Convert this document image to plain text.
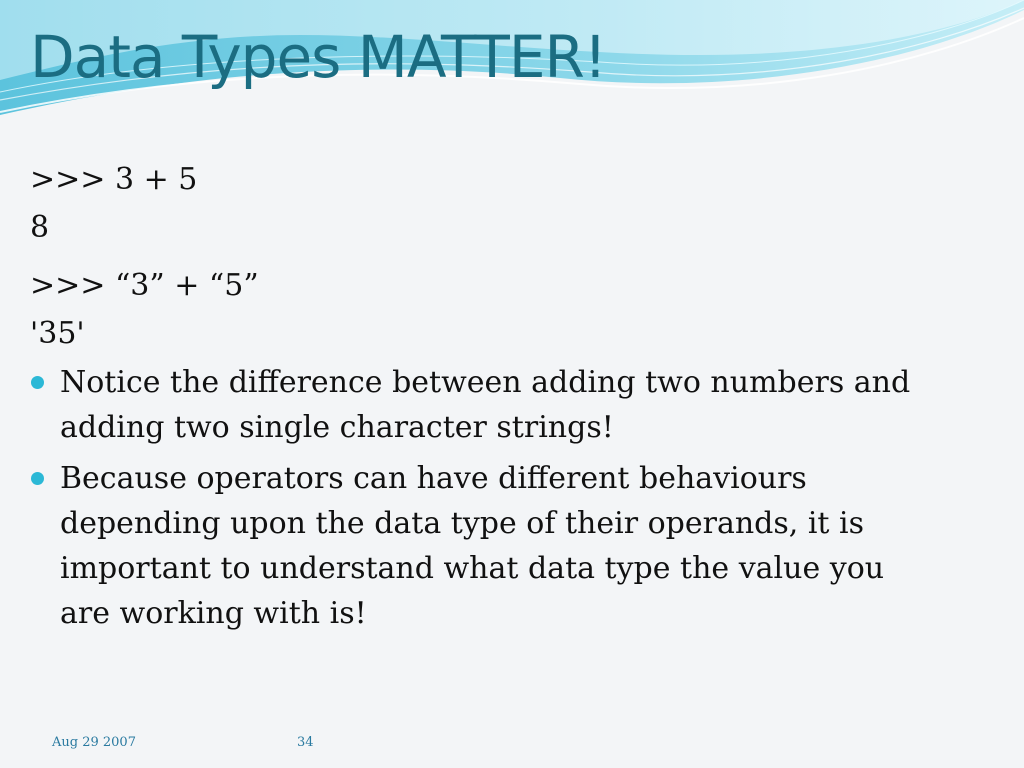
Data Types MATTER!
>>> 3 + 5
8
>>> “3” + “5”
'35'
Notice the difference between adding two numbers and adding two single character strings!
Because operators can have different behaviours depending upon the data type of their operands, it is important to understand what data type the value you are working with is!
Aug 29 2007	34
